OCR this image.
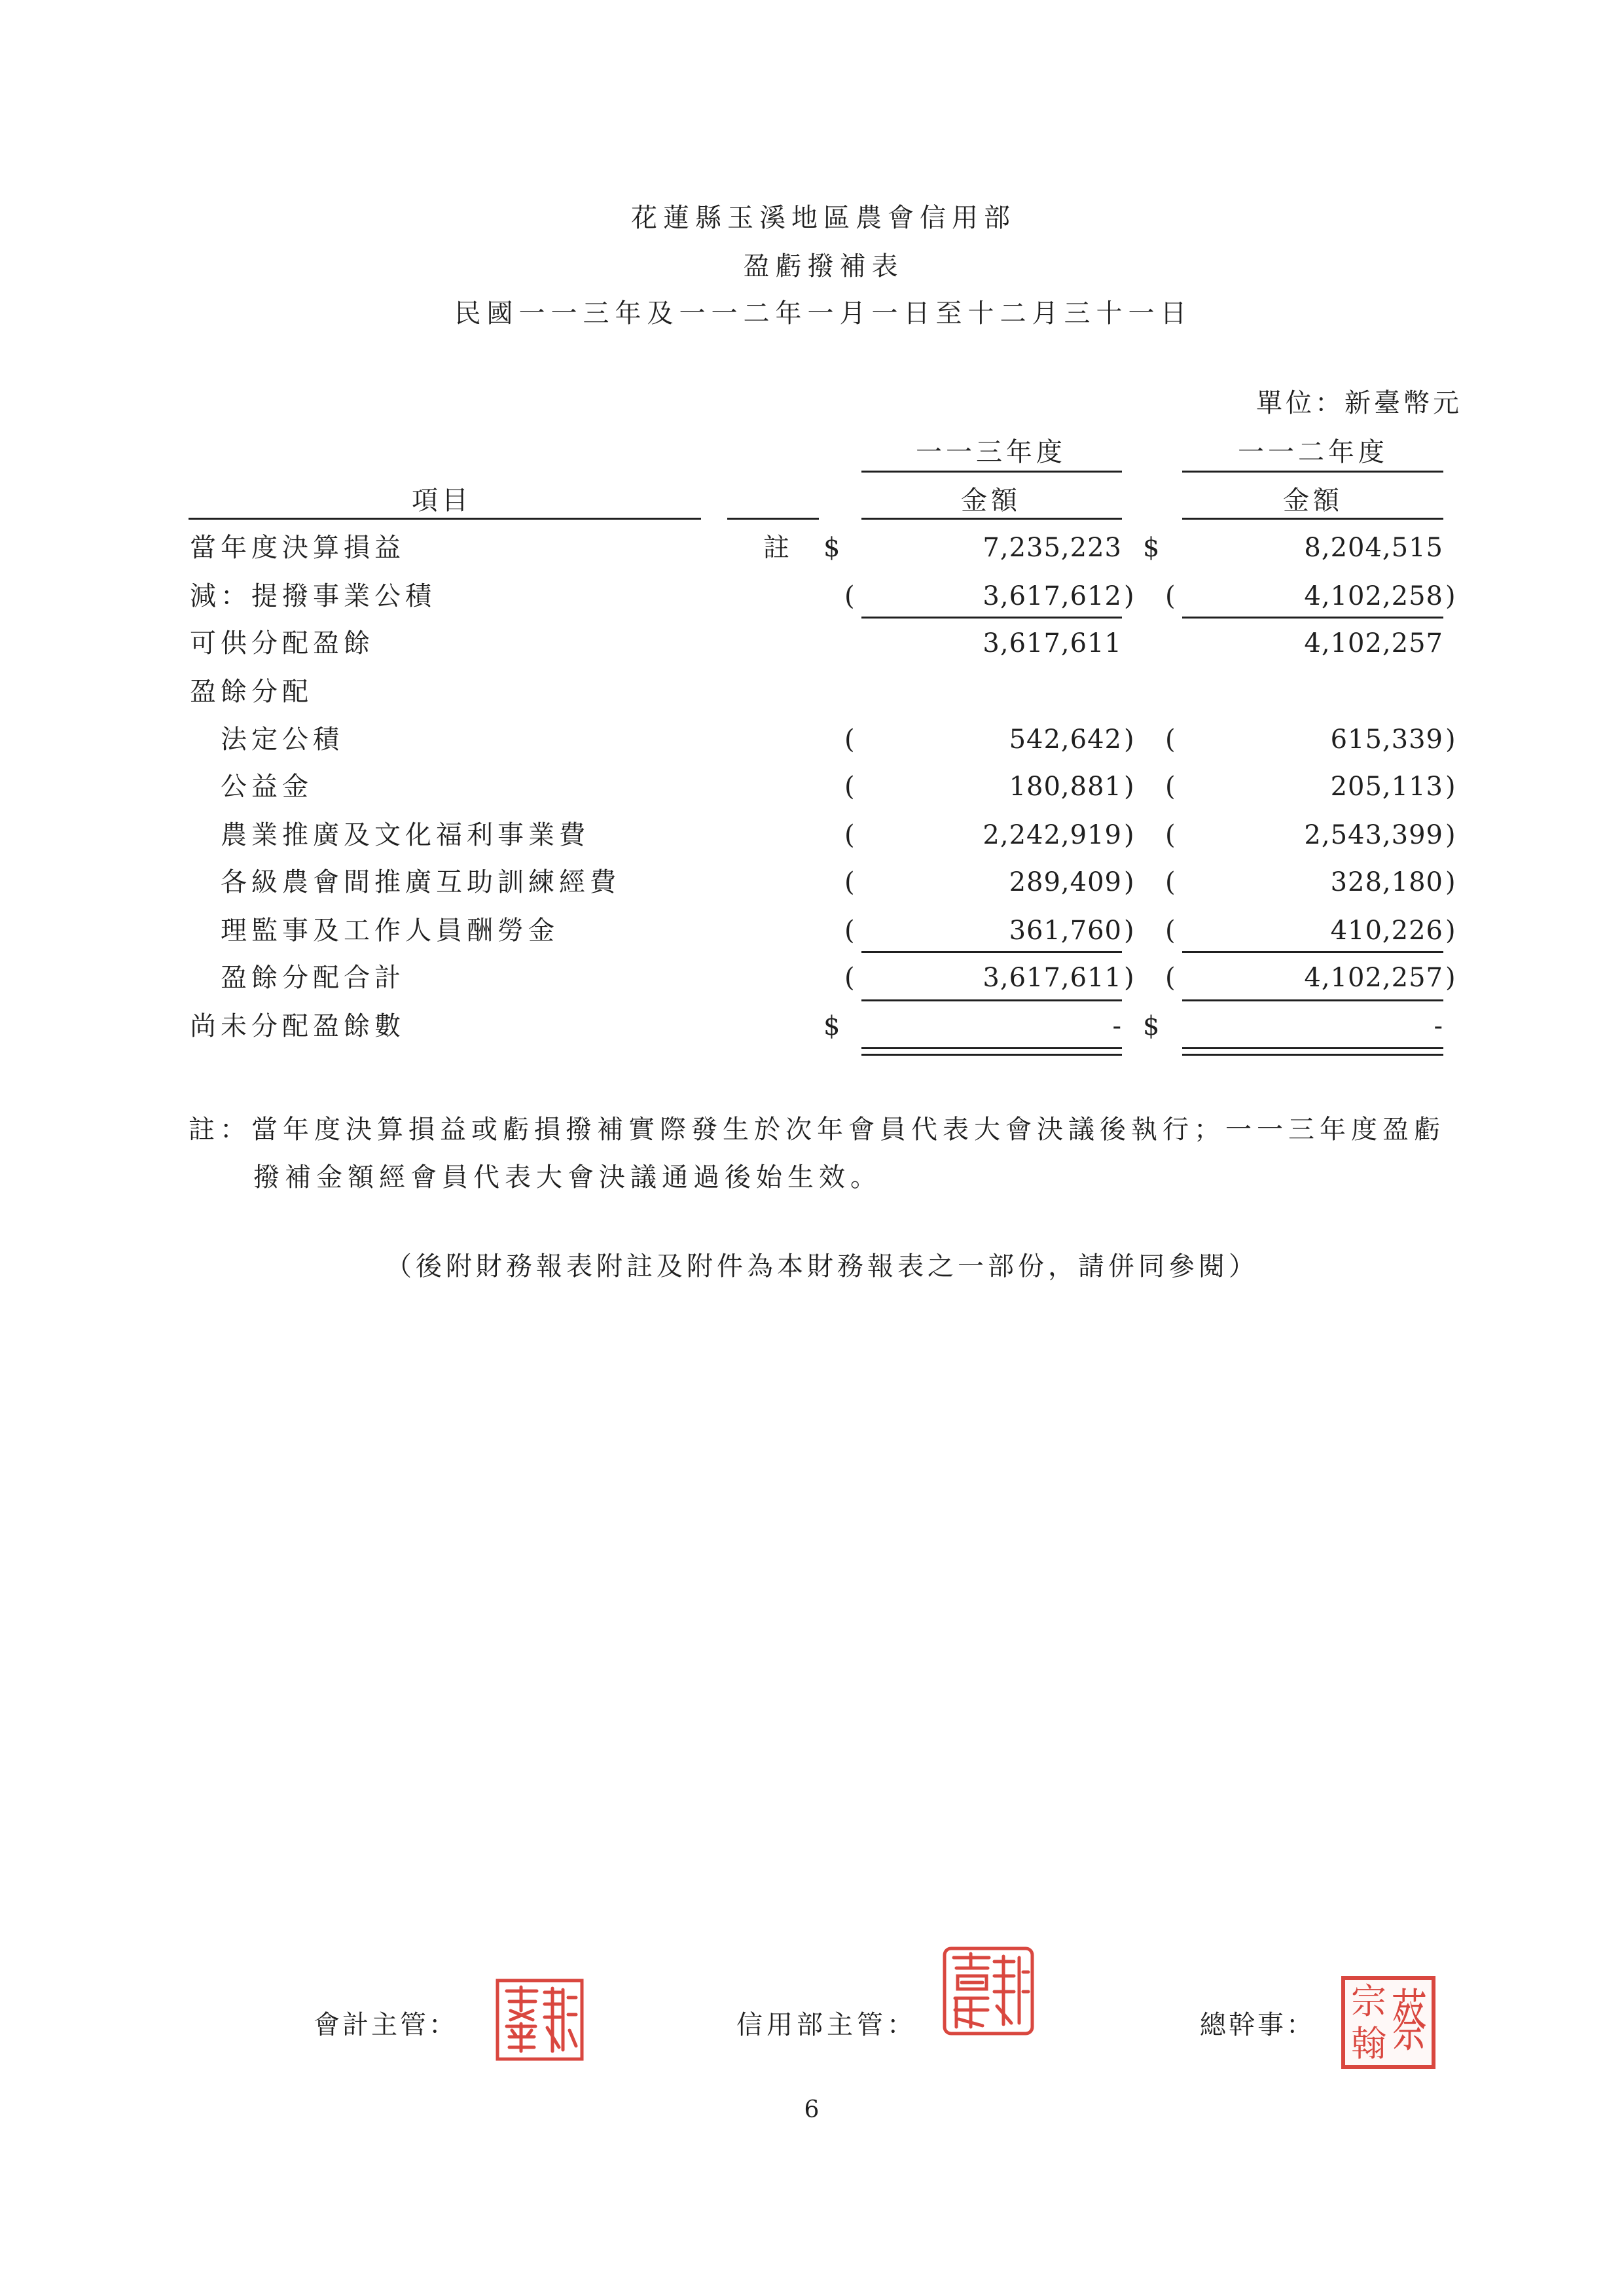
花蓮縣玉溪地區農會信用部
盈虧撥補表
民國一一三年及一一二年一月一日至十二月三十一日
單位：新臺幣元
一一三年度	一一二年度
項目	金額	金額
當年度決算損益	註 $	7,235,223 $	8,204,515
減：提撥事業公積	(	3,617,612 ) (	4,102,258 )
可供分配盈餘	3,617,611	4,102,257
盈餘分配
法定公積	(	542,642 ) (	615,339 )
公益金	(	180,881 ) (	205,113 )
農業推廣及文化福利事業費	(	2,242,919 ) (	2,543,399 )
各級農會間推廣互助訓練經費	(	289,409 ) (	328,180 )
理監事及工作人員酬勞金	(	361,760 ) (	410,226 )
盈餘分配合計	(	3,617,611 ) (	4,102,257 )
尚未分配盈餘數	$	- $	-
註：當年度決算損益或虧損撥補實際發生於次年會員代表大會決議後執行；一一三年度盈虧
撥補金額經會員代表大會決議通過後始生效。
（後附財務報表附註及附件為本財務報表之一部份，請併同參閱）
會計主管：	信用部主管：	總幹事： 蔡
宗
翰
6
